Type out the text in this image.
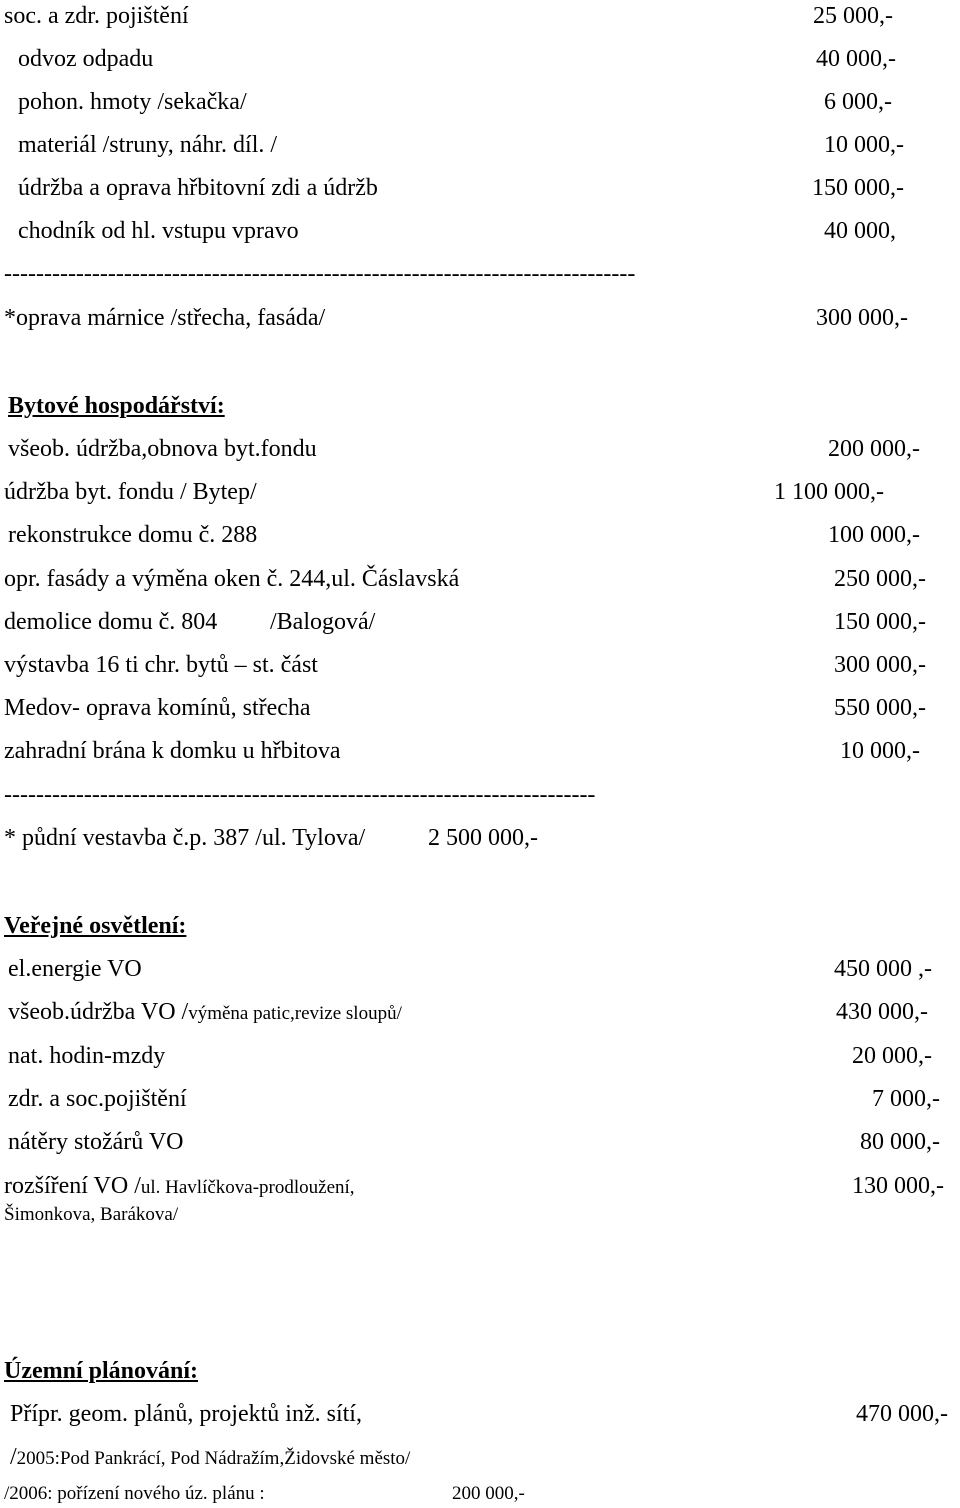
soc. a zdr. pojištění	25 000,-
odvoz odpadu	40 000,-
pohon. hmoty /sekačka/	6 000,-
materiál /struny, náhr. díl. /	10 000,-
údržba a oprava hřbitovní zdi a údržb	150 000,-
chodník od hl. vstupu vpravo	40 000,
-------------------------------------------------------------------------------
*oprava márnice /střecha, fasáda/	300 000,-
Bytové hospodářství:
všeob. údržba,obnova byt.fondu	200 000,-
údržba byt. fondu / Bytep/	1 100 000,-
rekonstrukce domu č. 288	100 000,-
opr. fasády a výměna oken č. 244,ul. Čáslavská	250 000,-
demolice domu č. 804 /Balogová/	150 000,-
výstavba 16 ti chr. bytů – st. část	300 000,-
Medov- oprava komínů, střecha	550 000,-
zahradní brána k domku u hřbitova	10 000,-
--------------------------------------------------------------------------
* půdní vestavba č.p. 387 /ul. Tylova/	2 500 000,-
Veřejné osvětlení:
el.energie VO	450 000 ,-
všeob.údržba VO /výměna patic,revize sloupů/	430 000,-
nat. hodin-mzdy	20 000,-
zdr. a soc.pojištění	7 000,-
nátěry stožárů VO	80 000,-
rozšíření VO /ul. Havlíčkova-prodloužení,	130 000,-
Šimonkova, Barákova/
Územní plánování:
Přípr. geom. plánů, projektů inž. sítí,	470 000,-
/2005:Pod Pankrácí, Pod Nádražím,Židovské město/
/2006: pořízení nového úz. plánu :	200 000,-
